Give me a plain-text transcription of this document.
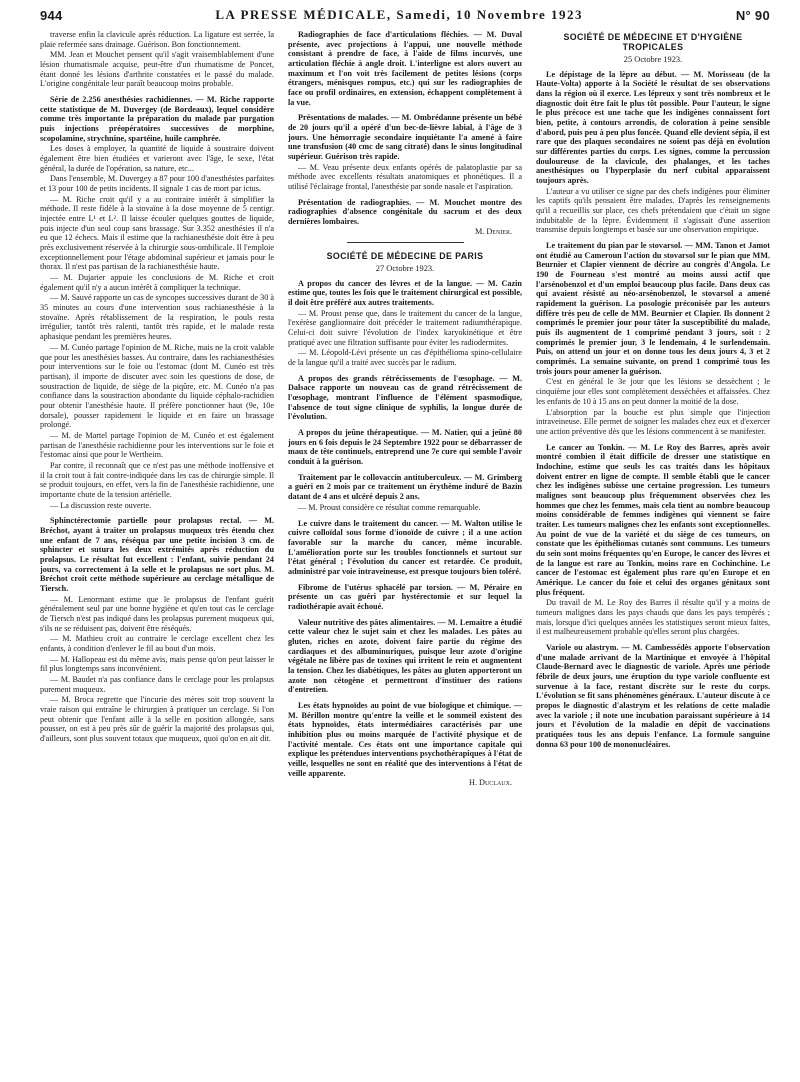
944	LA PRESSE MÉDICALE, Samedi, 10 Novembre 1923	N° 90

traverse enfin la clavicule après réduction. La ligature est serrée, la plaie refermée sans drainage. Guérison. Bon fonctionnement.

MM. Jean et Mouchet pensent qu'il s'agit vraisemblablement d'une lésion rhumatismale acquise, peut-être d'un rhumatisme de Poncet, étant donné les lésions d'arthrite constatées et le passé du malade. L'origine congénitale leur paraît beaucoup moins probable.

Série de 2.256 anesthésies rachidiennes. — M. Riche rapporte cette statistique de M. Duvergey (de Bordeaux), lequel considère comme très importante la préparation du malade par purgation puis injections préopératoires successives de morphine, scopolamine, strychnine, spartéine, huile camphrée.

Les doses à employer, la quantité de liquide à soustraire doivent également être bien étudiées et varieront avec l'âge, le sexe, l'état général, la durée de l'opération, sa nature, etc...

Dans l'ensemble, M. Duvergey a 87 pour 100 d'anesthésies parfaites et 13 pour 100 de petits incidents. Il signale 1 cas de mort par ictus.

— M. Riche croit qu'il y a au contraire intérêt à simplifier la méthode. Il reste fidèle à la stovaïne à la dose moyenne de 5 centigr. injectée entre L¹ et L². Il laisse écouler quelques gouttes de liquide, puis injecte d'un seul coup sans brassage. Sur 3.352 anesthésies il n'a eu que 12 échecs. Mais il estime que la rachianesthésie doit être à peu près exclusivement réservée à la chirurgie sous-ombilicale. Il l'emploie exceptionnellement pour l'étage abdominal supérieur et jamais pour le thorax. Il n'est pas partisan de la rachianesthésie haute.

— M. Dujarier appuie les conclusions de M. Riche et croit également qu'il n'y a aucun intérêt à compliquer la technique.

— M. Sauvé rapporte un cas de syncopes successives durant de 30 à 35 minutes au cours d'une intervention sous rachianesthésie à la stovaïne. Après rétablissement de la respiration, le pouls resta irrégulier, tantôt très ralenti, tantôt très rapide, et le malade resta aphasique pendant les premières heures.

— M. Cunéo partage l'opinion de M. Riche, mais ne la croit valable que pour les anesthésies basses. Au contraire, dans les rachianesthésies pour interventions sur le foie ou l'estomac (dont M. Cunéo est très partisan), il importe de discuter avec soin les questions de dose, de soustraction de liquide, de siège de la piqûre, etc. M. Cunéo n'a pas confiance dans la soustraction abondante du liquide céphalo-rachidien pour obtenir l'anesthésie haute. Il préfère ponctionner haut (9e, 10e dorsale), pousser rapidement le liquide et en faire un brassage prolongé.

— M. de Martel partage l'opinion de M. Cunéo et est également partisan de l'anesthésie rachidienne pour les interventions sur le foie et l'estomac ainsi que pour le Wertheim.

Par contre, il reconnaît que ce n'est pas une méthode inoffensive et il la croit tout à fait contre-indiquée dans les cas de chirurgie simple. Il se produit toujours, en effet, vers la fin de l'anesthésie rachidienne, une importante chute de la tension artérielle.

— La discussion reste ouverte.

Sphinctérectomie partielle pour prolapsus rectal. — M. Bréchot, ayant à traiter un prolapsus muqueux très étendu chez une enfant de 7 ans, réséqua par une petite incision 3 cm. de sphincter et sutura les deux extrémités après réduction du prolapsus. Le résultat fut excellent : l'enfant, suivie pendant 24 jours, va correctement à la selle et le prolapsus ne sort plus. M. Bréchot croit cette méthode supérieure au cerclage métallique de Tiersch.

— M. Lenormant estime que le prolapsus de l'enfant guérit généralement seul par une bonne hygiène et qu'en tout cas le cerclage de Tiersch n'est pas indiqué dans les prolapsus purement muqueux qui, s'ils ne se réduisent pas, doivent être réséqués.

— M. Mathieu croit au contraire le cerclage excellent chez les enfants, à condition d'enlever le fil au bout d'un mois.

— M. Hallopeau est du même avis, mais pense qu'on peut laisser le fil plus longtemps sans inconvénient.

— M. Baudet n'a pas confiance dans le cerclage pour les prolapsus purement muqueux.

— M. Broca regrette que l'incurie des mères soit trop souvent la vraie raison qui entraîne le chirurgien à pratiquer un cerclage. Si l'on peut obtenir que l'enfant aille à la selle en position allongée, sans pousser, on est à peu près sûr de guérir la majorité des prolapsus qui, d'ailleurs, sont plus souvent totaux que muqueux, quoi qu'on en ait dit.

Radiographies de face d'articulations fléchies. — M. Duval présente, avec projections à l'appui, une nouvelle méthode consistant à prendre de face, à l'aide de films incurvés, une articulation fléchie à angle droit. L'interligne est alors ouvert au maximum et l'on voit très facilement de petites lésions (corps étrangers, ménisques rompus, etc.) qui sur les radiographies de face ou profil ordinaires, en extension, échappent complètement à la vue.

Présentations de malades. — M. Ombrédanne présente un bébé de 20 jours qu'il a opéré d'un bec-de-lièvre labial, à l'âge de 3 jours. Une hémorragie secondaire inquiétante l'a amené à faire une transfusion (40 cmc de sang citraté) dans le sinus longitudinal supérieur. Guérison très rapide.

— M. Veau présente deux enfants opérés de palatoplastie par sa méthode avec excellents résultats anatomiques et phonétiques. Il a utilisé l'éclairage frontal, l'anesthésie par sonde nasale et l'aspiration.

Présentation de radiographies. — M. Mouchet montre des radiographies d'absence congénitale du sacrum et des deux dernières lombaires.

M. Denier.

SOCIÉTÉ DE MÉDECINE DE PARIS
27 Octobre 1923.

A propos du cancer des lèvres et de la langue. — M. Cazin estime que, toutes les fois que le traitement chirurgical est possible, il doit être préféré aux autres traitements.

— M. Proust pense que, dans le traitement du cancer de la langue, l'exérèse ganglionnaire doit précéder le traitement radiumthérapique. Celui-ci doit suivre l'évolution de l'index karyokinétique et être pratiqué avec une filtration suffisante pour éviter les radiodermites.

— M. Léopold-Lévi présente un cas d'épithélioma spino-cellulaire de la langue qu'il a traité avec succès par le radium.

A propos des grands rétrécissements de l'œsophage. — M. Dalsace rapporte un nouveau cas de grand rétrécissement de l'œsophage, montrant l'influence de l'élément spasmodique, l'absence de tout signe clinique de syphilis, la longue durée de l'évolution.

A propos du jeûne thérapeutique. — M. Natier, qui a jeûné 80 jours en 6 fois depuis le 24 Septembre 1922 pour se débarrasser de maux de tête continuels, entreprend une 7e cure qui semble l'avoir conduit à la guérison.

Traitement par le collovaccin antituberculeux. — M. Grimberg a guéri en 2 mois par ce traitement un érythème induré de Bazin datant de 4 ans et ulcéré depuis 2 ans.

— M. Proust considère ce résultat comme remarquable.

Le cuivre dans le traitement du cancer. — M. Walton utilise le cuivre colloïdal sous forme d'ionoïde de cuivre ; il a une action favorable sur la marche du cancer, même incurable. L'amélioration porte sur les troubles fonctionnels et surtout sur l'état général ; l'évolution du cancer est retardée. Ce produit, administré par voie intraveineuse, est presque toujours bien toléré.

Fibrome de l'utérus sphacélé par torsion. — M. Péraire en présente un cas guéri par hystérectomie et sur lequel la radiothérapie avait échoué.

Valeur nutritive des pâtes alimentaires. — M. Lemaitre a étudié cette valeur chez le sujet sain et chez les malades. Les pâtes au gluten, riches en azote, doivent faire partie du régime des cardiaques et des albuminuriques, puisque leur azote d'origine végétale ne libère pas de toxines qui irritent le rein et augmentent la tension. Chez les diabétiques, les pâtes au gluten apporteront un azote non cétogène et permettront d'instituer des rations d'entretien.

Les états hypnoïdes au point de vue biologique et chimique. — M. Bérillon montre qu'entre la veille et le sommeil existent des états hypnoïdes, états intermédiaires caractérisés par une inhibition plus ou moins marquée de l'activité physique et de l'activité mentale. Ces états ont une importance capitale qui explique les prétendues interventions psychothérapiques à l'état de veille, lesquelles ne sont en réalité que des interventions à l'état de veille apparente.

H. Duclaux.

SOCIÉTÉ DE MÉDECINE ET D'HYGIÈNE TROPICALES
25 Octobre 1923.

Le dépistage de la lèpre au début. — M. Morisseau (de la Haute-Volta) apporte à la Société le résultat de ses observations dans la région où il exerce. Les lépreux y sont très nombreux et le diagnostic doit être fait le plus tôt possible. Pour l'auteur, le signe le plus précoce est une tache que les indigènes connaissent fort bien, petite, à contours arrondis, de coloration à peine sensible d'abord, puis peu à peu plus foncée. Quand elle devient sépia, il est rare que des plaques secondaires ne soient pas déjà en évolution sur différentes parties du corps. Les signes, comme la percussion douloureuse de la clavicule, des phalanges, et les taches anesthésiques ou l'hyperplasie du nerf cubital apparaissent toujours après.

L'auteur a vu utiliser ce signe par des chefs indigènes pour éliminer les captifs qu'ils pensaient être malades. D'après les renseignements qu'il a recueillis sur place, ces chefs prétendaient que c'était un signe indubitable de la lèpre. Évidemment il s'agissait d'une assertion transmise depuis longtemps et basée sur une observation empirique.

Le traitement du pian par le stovarsol. — MM. Tanon et Jamot ont étudié au Cameroun l'action du stovarsol sur le pian que MM. Beurnier et Clapier viennent de décrire au congrès d'Angola. Le 190 de Fourneau s'est montré au moins aussi actif que l'arsénobenzol et d'un emploi beaucoup plus facile. Dans deux cas qui avaient résisté au néo-arsénobenzol, le stovarsol a amené rapidement la guérison. La posologie préconisée par les auteurs diffère très peu de celle de MM. Beurnier et Clapier. Ils donnent 2 comprimés le premier jour pour tâter la susceptibilité du malade, puis ils augmentent de 1 comprimé pendant 3 jours, soit : 2 comprimés le premier jour, 3 le lendemain, 4 le surlendemain. Puis, on attend un jour et on donne tous les deux jours 4, 3 et 2 comprimés. La semaine suivante, on prend 1 comprimé tous les trois jours pour amener la guérison.

C'est en général le 3e jour que les lésions se dessèchent ; le cinquième jour elles sont complètement desséchées et affaissées. Chez les enfants de 10 à 15 ans on peut donner la moitié de la dose.

L'absorption par la bouche est plus simple que l'injection intraveineuse. Elle permet de soigner les malades chez eux et d'exercer une action préventive dès que les lésions commencent à se manifester.

Le cancer au Tonkin. — M. Le Roy des Barres, après avoir montré combien il était difficile de dresser une statistique en Indochine, estime que seuls les cas traités dans les hôpitaux doivent entrer en ligne de compte. Il semble établi que le cancer chez les indigènes subisse une certaine progression. Les tumeurs malignes sont beaucoup plus fréquemment observées chez les hommes que chez les femmes, mais cela tient au nombre beaucoup moins considérable de femmes indigènes qui viennent se faire traiter. Les tumeurs malignes chez les enfants sont exceptionnelles. Au point de vue de la variété et du siège de ces tumeurs, on constate que les épithéliomas cutanés sont communs. Les tumeurs du sein sont moins fréquentes qu'en Europe, le cancer des lèvres et de la langue est rare au Tonkin, moins rare en Cochinchine. Le cancer de l'estomac est également plus rare qu'en Europe et en Amérique. Le cancer du foie et celui des organes génitaux sont plus fréquent.

Du travail de M. Le Roy des Barres il résulte qu'il y a moins de tumeurs malignes dans les pays chauds que dans les pays tempérés ; mais, lorsque d'ici quelques années les statistiques seront mieux faites, il est malheureusement probable qu'elles seront plus chargées.

Variole ou alastrym. — M. Cambessédès apporte l'observation d'une malade arrivant de la Martinique et envoyée à l'hôpital Claude-Bernard avec le diagnostic de variole. Après une période fébrile de deux jours, une éruption du type variole confluente est survenue à la face, restant discrète sur le reste du corps. L'évolution se fit sans phénomènes généraux. L'auteur discute à ce propos le diagnostic d'alastrym et les relations de cette maladie avec la variole ; il note une incubation paraissant supérieure à 14 jours et l'évolution de la maladie en dépit de vaccinations pratiquées tous les ans depuis l'enfance. La formule sanguine donna 63 pour 100 de mononucléaires.
